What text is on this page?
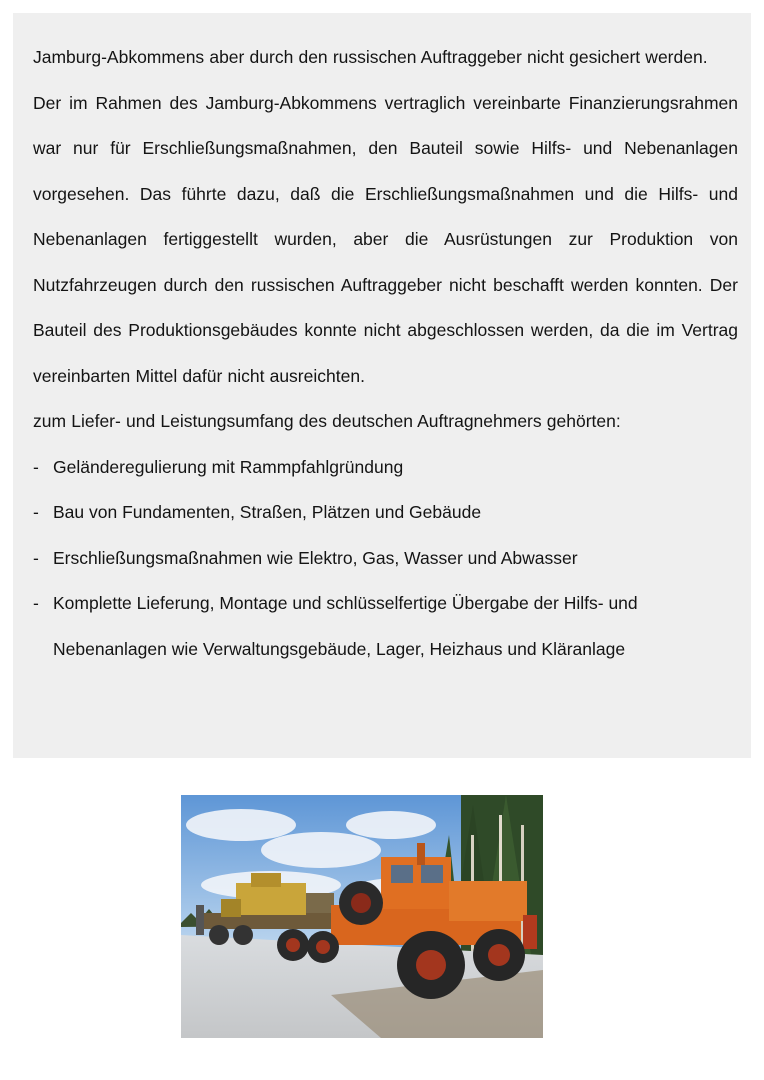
Jamburg-Abkommens aber durch den russischen Auftraggeber nicht gesichert werden.

Der im Rahmen des Jamburg-Abkommens vertraglich vereinbarte Finanzierungsrahmen war nur für Erschließungsmaßnahmen, den Bauteil sowie Hilfs- und Nebenanlagen vorgesehen. Das führte dazu, daß die Erschließungsmaßnahmen und die Hilfs- und Nebenanlagen fertiggestellt wurden, aber die Ausrüstungen zur Produktion von Nutzfahrzeugen durch den russischen Auftraggeber nicht beschafft werden konnten. Der Bauteil des Produktionsgebäudes konnte nicht abgeschlossen werden, da die im Vertrag vereinbarten Mittel dafür nicht ausreichten.

zum Liefer- und Leistungsumfang des deutschen Auftragnehmers gehörten:

- Geländeregulierung mit Rammpfahlgründung
- Bau von Fundamenten, Straßen, Plätzen und Gebäude
- Erschließungsmaßnahmen wie Elektro, Gas, Wasser und Abwasser
- Komplette Lieferung, Montage und schlüsselfertige Übergabe der Hilfs- und Nebenanlagen wie Verwaltungsgebäude, Lager, Heizhaus und Kläranlage
